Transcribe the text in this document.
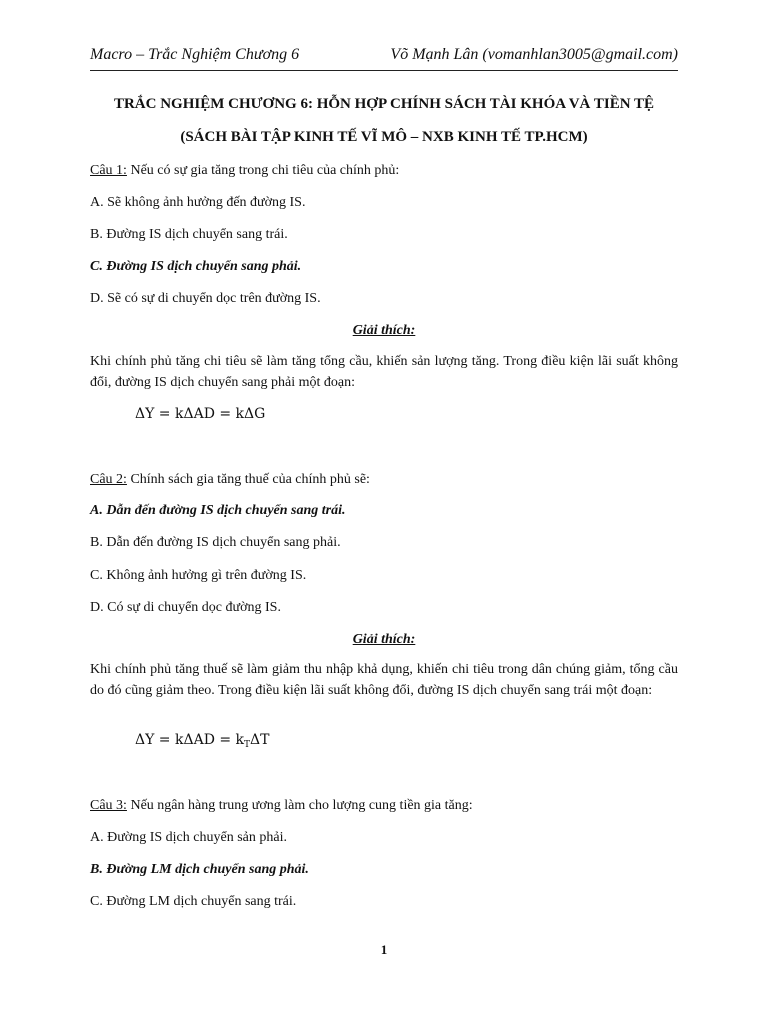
Macro – Trắc Nghiệm Chương 6	Võ Mạnh Lân (vomanhlan3005@gmail.com)
TRẮC NGHIỆM CHƯƠNG 6: HỖN HỢP CHÍNH SÁCH TÀI KHÓA VÀ TIỀN TỆ
(SÁCH BÀI TẬP KINH TẾ VĨ MÔ – NXB KINH TẾ TP.HCM)
Câu 1: Nếu có sự gia tăng trong chi tiêu của chính phủ:
A. Sẽ không ảnh hưởng đến đường IS.
B. Đường IS dịch chuyển sang trái.
C. Đường IS dịch chuyển sang phải.
D. Sẽ có sự di chuyển dọc trên đường IS.
Giải thích:
Khi chính phủ tăng chi tiêu sẽ làm tăng tổng cầu, khiến sản lượng tăng. Trong điều kiện lãi suất không đổi, đường IS dịch chuyển sang phải một đoạn:
ΔY = kΔAD = kΔG
Câu 2: Chính sách gia tăng thuế của chính phủ sẽ:
A. Dẫn đến đường IS dịch chuyển sang trái.
B. Dẫn đến đường IS dịch chuyển sang phải.
C. Không ảnh hưởng gì trên đường IS.
D. Có sự di chuyển dọc đường IS.
Giải thích:
Khi chính phủ tăng thuế sẽ làm giảm thu nhập khả dụng, khiến chi tiêu trong dân chúng giảm, tổng cầu do đó cũng giảm theo. Trong điều kiện lãi suất không đổi, đường IS dịch chuyển sang trái một đoạn:
$\Delta Y = k\Delta AD = k_T\Delta T$
Câu 3: Nếu ngân hàng trung ương làm cho lượng cung tiền gia tăng:
A. Đường IS dịch chuyển sản phải.
B. Đường LM dịch chuyển sang phải.
C. Đường LM dịch chuyển sang trái.
1
